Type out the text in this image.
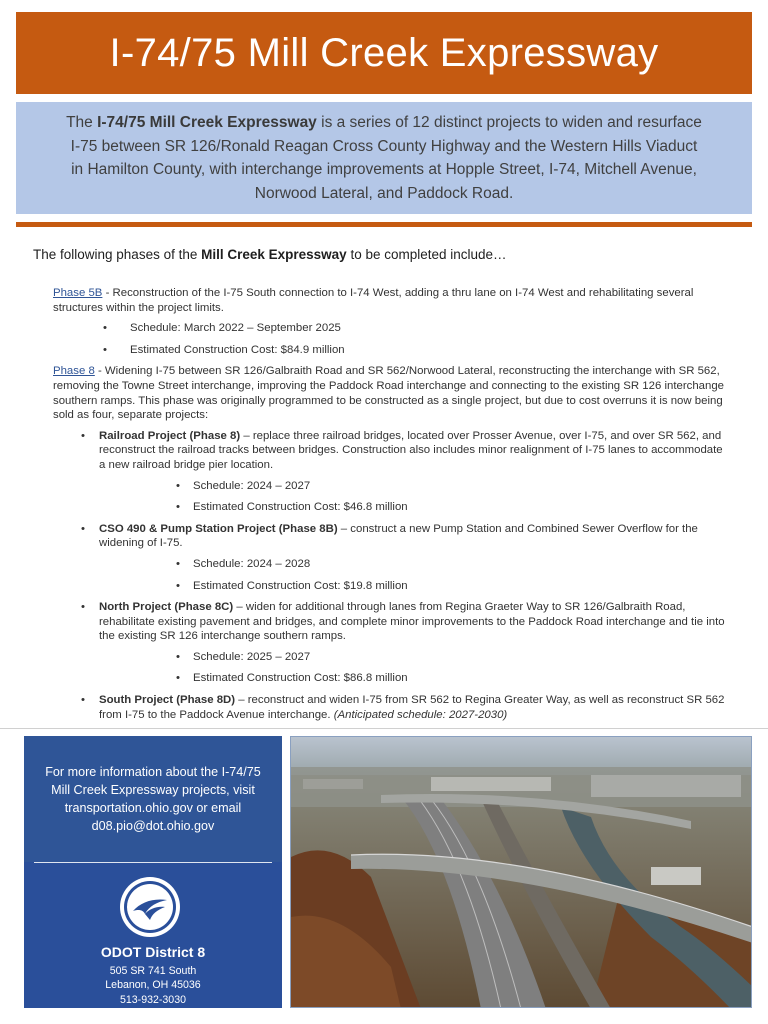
I-74/75 Mill Creek Expressway

The I-74/75 Mill Creek Expressway is a series of 12 distinct projects to widen and resurface I-75 between SR 126/Ronald Reagan Cross County Highway and the Western Hills Viaduct in Hamilton County, with interchange improvements at Hopple Street, I-74, Mitchell Avenue, Norwood Lateral, and Paddock Road.

The following phases of the Mill Creek Expressway to be completed include…

Phase 5B - Reconstruction of the I-75 South connection to I-74 West, adding a thru lane on I-74 West and rehabilitating several structures within the project limits.

• Schedule: March 2022 – September 2025
• Estimated Construction Cost: $84.9 million

Phase 8 - Widening I-75 between SR 126/Galbraith Road and SR 562/Norwood Lateral, reconstructing the interchange with SR 562, removing the Towne Street interchange, improving the Paddock Road interchange and connecting to the existing SR 126 interchange southern ramps. This phase was originally programmed to be constructed as a single project, but due to cost overruns it is now being sold as four, separate projects:

• Railroad Project (Phase 8) – replace three railroad bridges, located over Prosser Avenue, over I-75, and over SR 562, and reconstruct the railroad tracks between bridges. Construction also includes minor realignment of I-75 lanes to accommodate a new railroad bridge pier location.
• Schedule: 2024 – 2027
• Estimated Construction Cost: $46.8 million
• CSO 490 & Pump Station Project (Phase 8B) – construct a new Pump Station and Combined Sewer Overflow for the widening of I-75.
• Schedule: 2024 – 2028
• Estimated Construction Cost: $19.8 million
• North Project (Phase 8C) – widen for additional through lanes from Regina Graeter Way to SR 126/Galbraith Road, rehabilitate existing pavement and bridges, and complete minor improvements to the Paddock Road interchange and tie into the existing SR 126 interchange southern ramps.
• Schedule: 2025 – 2027
• Estimated Construction Cost: $86.8 million
• South Project (Phase 8D) – reconstruct and widen I-75 from SR 562 to Regina Greater Way, as well as reconstruct SR 562 from I-75 to the Paddock Avenue interchange. (Anticipated schedule: 2027-2030)

For more information about the I-74/75 Mill Creek Expressway projects, visit transportation.ohio.gov or email d08.pio@dot.ohio.gov

ODOT District 8
505 SR 741 South
Lebanon, OH 45036
513-932-3030
